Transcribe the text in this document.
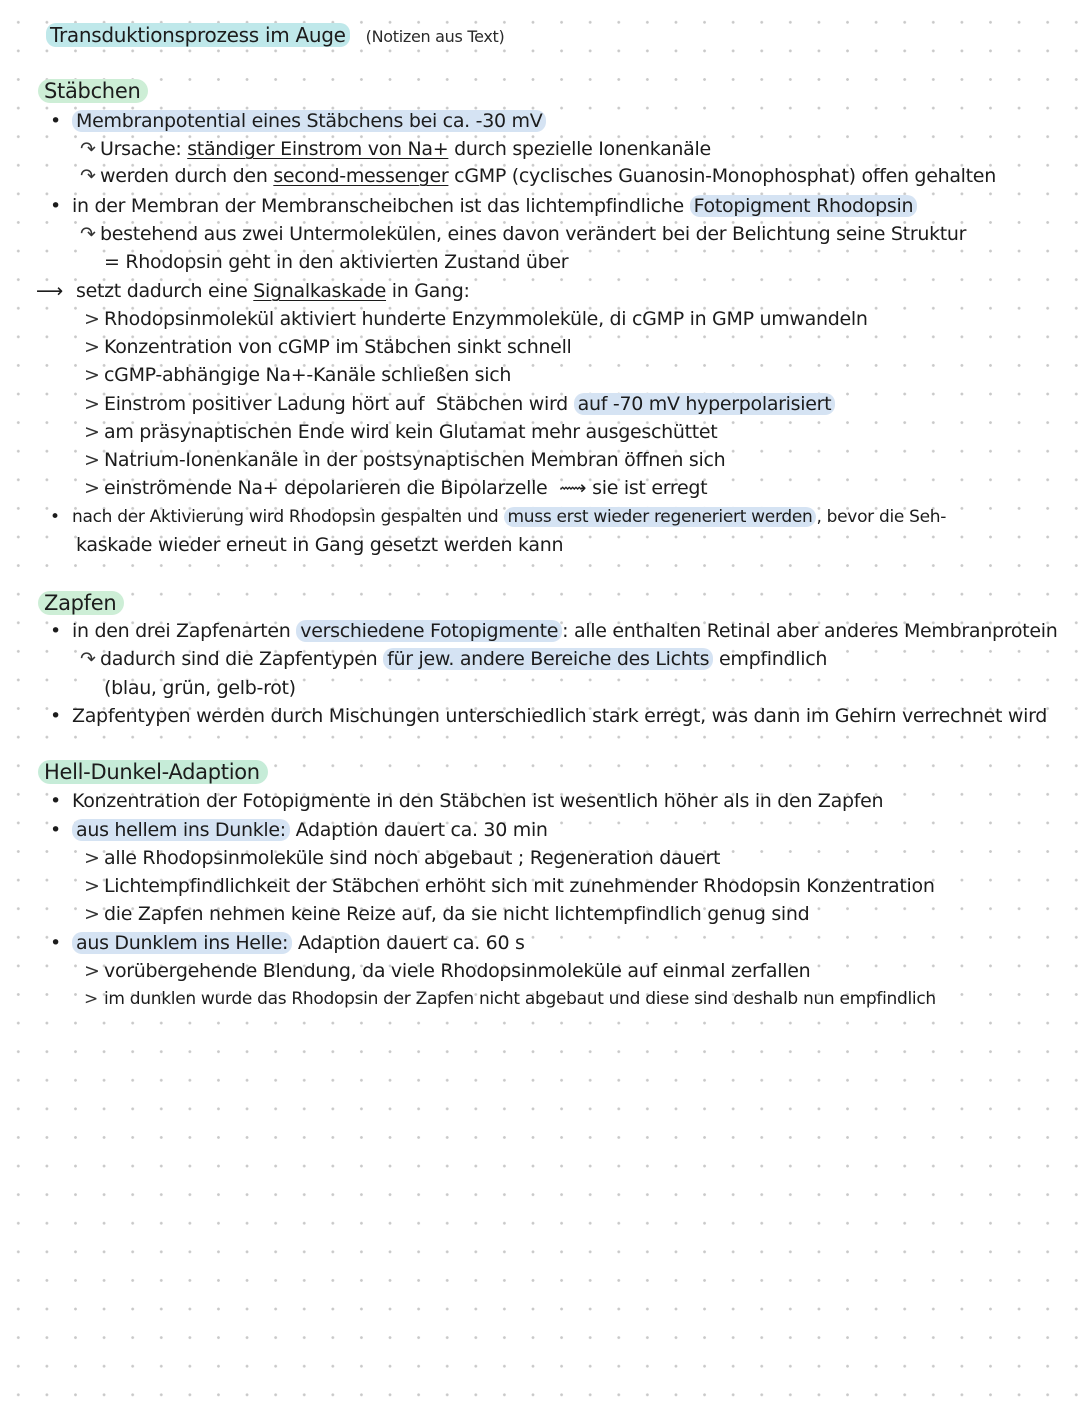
Transduktionsprozess im Auge (Notizen aus Text)
Stäbchen
• Membranpotential eines Stäbchens bei ca. -30 mV
↷ Ursache: ständiger Einstrom von Na+ durch spezielle Ionenkanäle
↷ werden durch den second-messenger cGMP (cyclisches Guanosin-Monophosphat) offen gehalten
• in der Membran der Membranscheibchen ist das lichtempfindliche Fotopigment Rhodopsin
↷ bestehend aus zwei Untermolekülen, eines davon verändert bei der Belichtung seine Struktur
= Rhodopsin geht in den aktivierten Zustand über
⟶ setzt dadurch eine Signalkaskade in Gang:
> Rhodopsinmolekül aktiviert hunderte Enzymmoleküle, di cGMP in GMP umwandeln
> Konzentration von cGMP im Stäbchen sinkt schnell
> cGMP-abhängige Na+-Kanäle schließen sich
> Einstrom positiver Ladung hört auf Stäbchen wird auf -70 mV hyperpolarisiert
> am präsynaptischen Ende wird kein Glutamat mehr ausgeschüttet
> Natrium-Ionenkanäle in der postsynaptischen Membran öffnen sich
> einströmende Na+ depolarieren die Bipolarzelle ⟿ sie ist erregt
• nach der Aktivierung wird Rhodopsin gespalten und muss erst wieder regeneriert werden , bevor die Seh-
kaskade wieder erneut in Gang gesetzt werden kann
Zapfen
• in den drei Zapfenarten verschiedene Fotopigmente : alle enthalten Retinal aber anderes Membranprotein
↷ dadurch sind die Zapfentypen für jew. andere Bereiche des Lichts empfindlich
(blau, grün, gelb-rot)
• Zapfentypen werden durch Mischungen unterschiedlich stark erregt, was dann im Gehirn verrechnet wird
Hell-Dunkel-Adaption
• Konzentration der Fotopigmente in den Stäbchen ist wesentlich höher als in den Zapfen
• aus hellem ins Dunkle: Adaption dauert ca. 30 min
> alle Rhodopsinmoleküle sind noch abgebaut ; Regeneration dauert
> Lichtempfindlichkeit der Stäbchen erhöht sich mit zunehmender Rhodopsin Konzentration
> die Zapfen nehmen keine Reize auf, da sie nicht lichtempfindlich genug sind
• aus Dunklem ins Helle: Adaption dauert ca. 60 s
> vorübergehende Blendung, da viele Rhodopsinmoleküle auf einmal zerfallen
> im dunklen wurde das Rhodopsin der Zapfen nicht abgebaut und diese sind deshalb nun empfindlich
